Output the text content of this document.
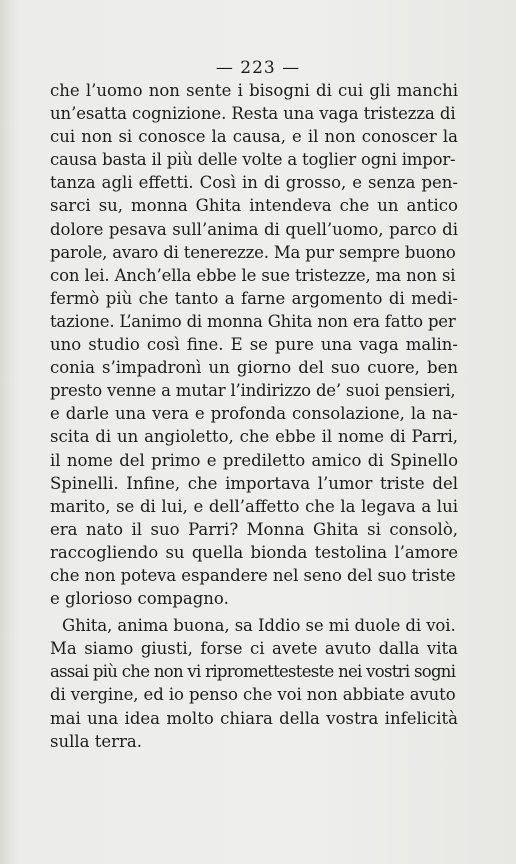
— 223 —
che l’uomo non sente i bisogni di cui gli manchi
un’esatta cognizione. Resta una vaga tristezza di
cui non si conosce la causa, e il non conoscer la
causa basta il più delle volte a toglier ogni impor-
tanza agli effetti. Così in di grosso, e senza pen-
sarci su, monna Ghita intendeva che un antico
dolore pesava sull’anima di quell’uomo, parco di
parole, avaro di tenerezze. Ma pur sempre buono
con lei. Anch’ella ebbe le sue tristezze, ma non si
fermò più che tanto a farne argomento di medi-
tazione. L’animo di monna Ghita non era fatto per
uno studio così fine. E se pure una vaga malin-
conia s’impadronì un giorno del suo cuore, ben
presto venne a mutar l’indirizzo de’ suoi pensieri,
e darle una vera e profonda consolazione, la na-
scita di un angioletto, che ebbe il nome di Parri,
il nome del primo e prediletto amico di Spinello
Spinelli. Infine, che importava l’umor triste del
marito, se di lui, e dell’affetto che la legava a lui
era nato il suo Parri? Monna Ghita si consolò,
raccogliendo su quella bionda testolina l’amore
che non poteva espandere nel seno del suo triste
e glorioso compagno.
Ghita, anima buona, sa Iddio se mi duole di voi.
Ma siamo giusti, forse ci avete avuto dalla vita
assai più che non vi ripromettesteste nei vostri sogni
di vergine, ed io penso che voi non abbiate avuto
mai una idea molto chiara della vostra infelicità
sulla terra.
